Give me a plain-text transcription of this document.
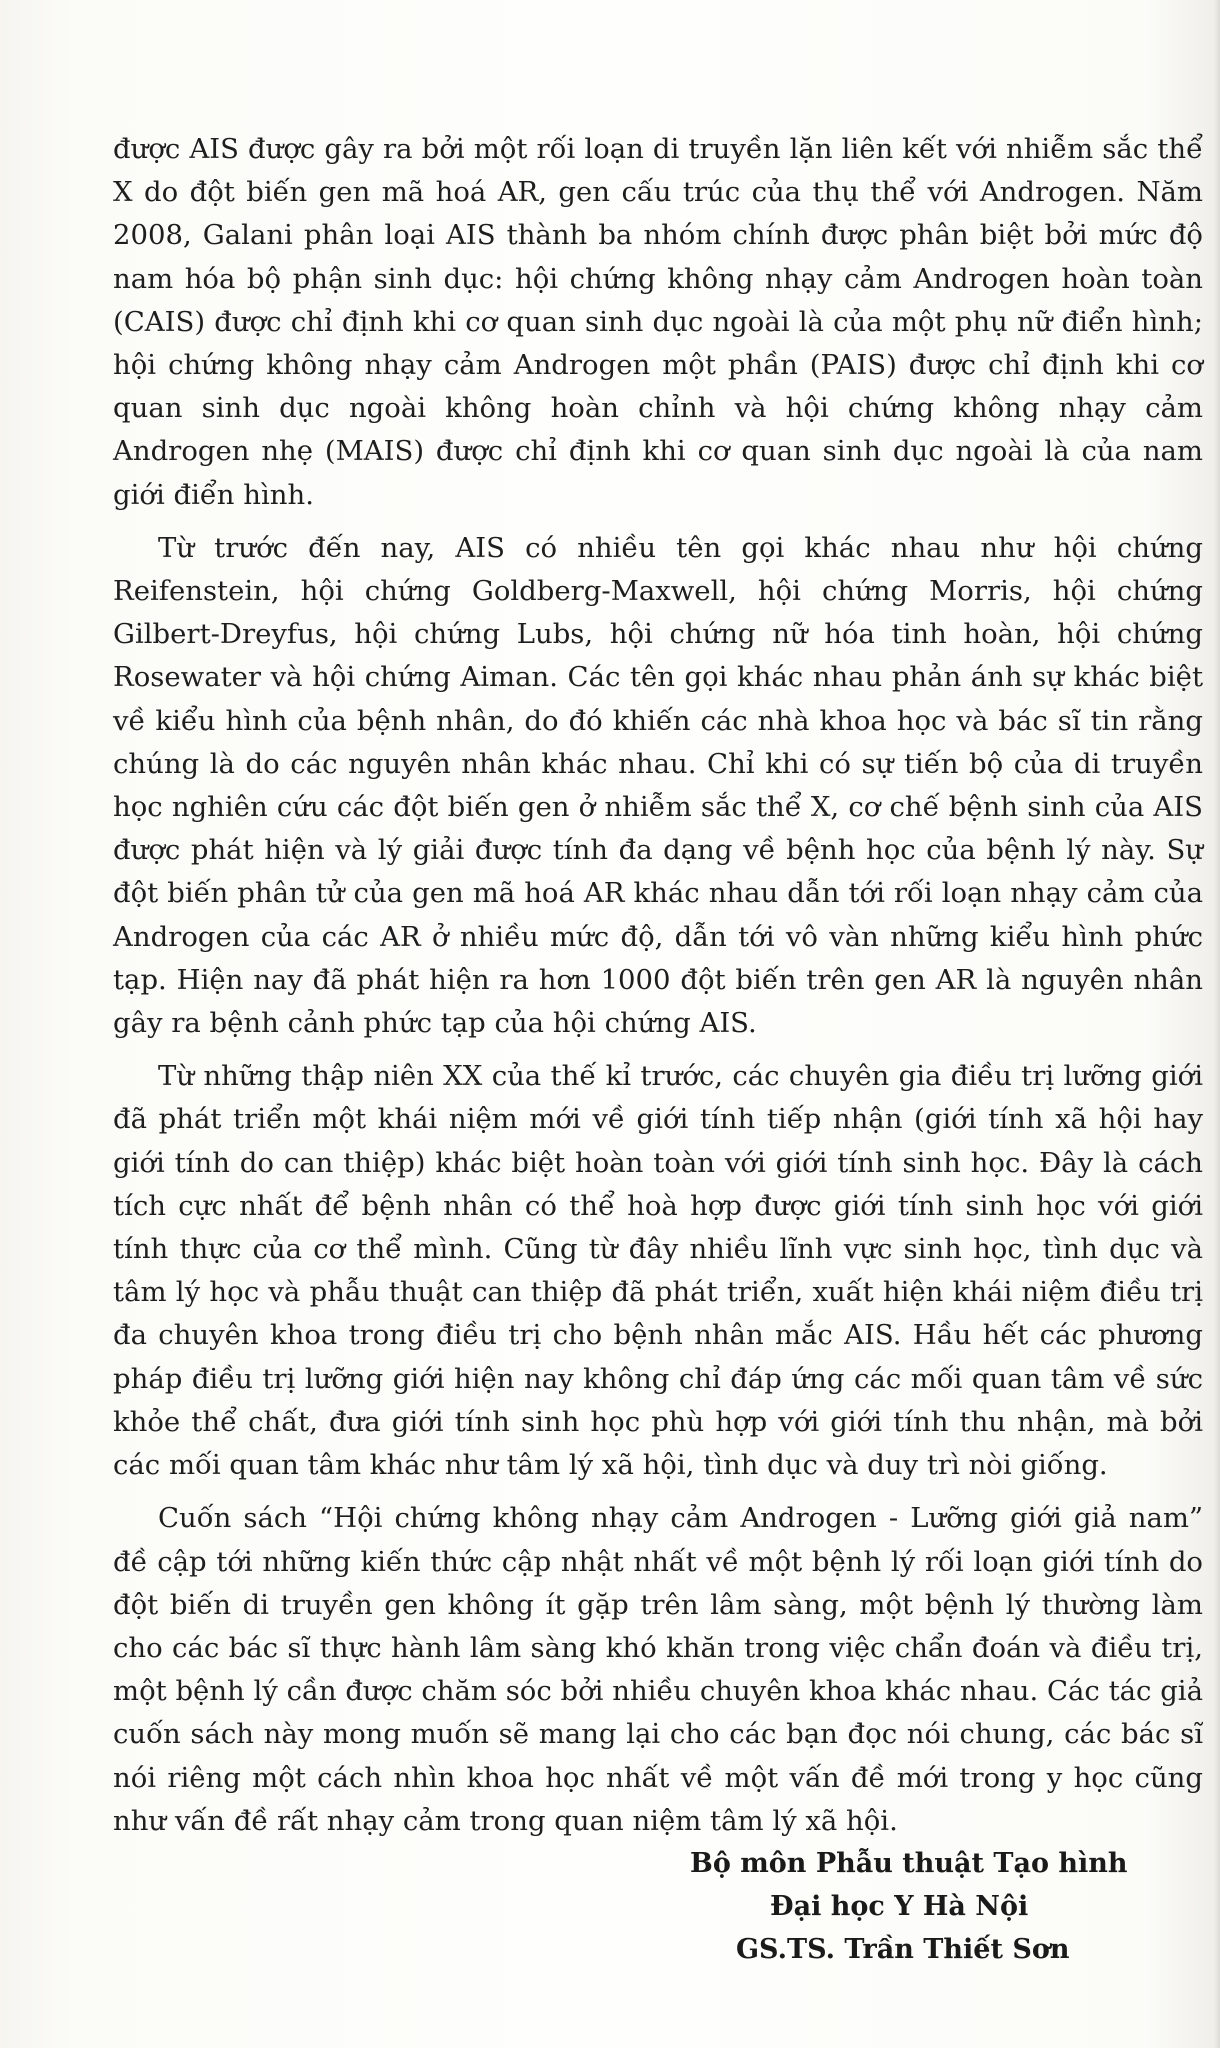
được AIS được gây ra bởi một rối loạn di truyền lặn liên kết với nhiễm sắc thể X do đột biến gen mã hoá AR, gen cấu trúc của thụ thể với Androgen. Năm 2008, Galani phân loại AIS thành ba nhóm chính được phân biệt bởi mức độ nam hóa bộ phận sinh dục: hội chứng không nhạy cảm Androgen hoàn toàn (CAIS) được chỉ định khi cơ quan sinh dục ngoài là của một phụ nữ điển hình; hội chứng không nhạy cảm Androgen một phần (PAIS) được chỉ định khi cơ quan sinh dục ngoài không hoàn chỉnh và hội chứng không nhạy cảm Androgen nhẹ (MAIS) được chỉ định khi cơ quan sinh dục ngoài là của nam giới điển hình.

Từ trước đến nay, AIS có nhiều tên gọi khác nhau như hội chứng Reifenstein, hội chứng Goldberg-Maxwell, hội chứng Morris, hội chứng Gilbert-Dreyfus, hội chứng Lubs, hội chứng nữ hóa tinh hoàn, hội chứng Rosewater và hội chứng Aiman. Các tên gọi khác nhau phản ánh sự khác biệt về kiểu hình của bệnh nhân, do đó khiến các nhà khoa học và bác sĩ tin rằng chúng là do các nguyên nhân khác nhau. Chỉ khi có sự tiến bộ của di truyền học nghiên cứu các đột biến gen ở nhiễm sắc thể X, cơ chế bệnh sinh của AIS được phát hiện và lý giải được tính đa dạng về bệnh học của bệnh lý này. Sự đột biến phân tử của gen mã hoá AR khác nhau dẫn tới rối loạn nhạy cảm của Androgen của các AR ở nhiều mức độ, dẫn tới vô vàn những kiểu hình phức tạp. Hiện nay đã phát hiện ra hơn 1000 đột biến trên gen AR là nguyên nhân gây ra bệnh cảnh phức tạp của hội chứng AIS.

Từ những thập niên XX của thế kỉ trước, các chuyên gia điều trị lưỡng giới đã phát triển một khái niệm mới về giới tính tiếp nhận (giới tính xã hội hay giới tính do can thiệp) khác biệt hoàn toàn với giới tính sinh học. Đây là cách tích cực nhất để bệnh nhân có thể hoà hợp được giới tính sinh học với giới tính thực của cơ thể mình. Cũng từ đây nhiều lĩnh vực sinh học, tình dục và tâm lý học và phẫu thuật can thiệp đã phát triển, xuất hiện khái niệm điều trị đa chuyên khoa trong điều trị cho bệnh nhân mắc AIS. Hầu hết các phương pháp điều trị lưỡng giới hiện nay không chỉ đáp ứng các mối quan tâm về sức khỏe thể chất, đưa giới tính sinh học phù hợp với giới tính thu nhận, mà bởi các mối quan tâm khác như tâm lý xã hội, tình dục và duy trì nòi giống.

Cuốn sách “Hội chứng không nhạy cảm Androgen - Lưỡng giới giả nam” đề cập tới những kiến thức cập nhật nhất về một bệnh lý rối loạn giới tính do đột biến di truyền gen không ít gặp trên lâm sàng, một bệnh lý thường làm cho các bác sĩ thực hành lâm sàng khó khăn trong việc chẩn đoán và điều trị, một bệnh lý cần được chăm sóc bởi nhiều chuyên khoa khác nhau. Các tác giả cuốn sách này mong muốn sẽ mang lại cho các bạn đọc nói chung, các bác sĩ nói riêng một cách nhìn khoa học nhất về một vấn đề mới trong y học cũng như vấn đề rất nhạy cảm trong quan niệm tâm lý xã hội.

Bộ môn Phẫu thuật Tạo hình
Đại học Y Hà Nội
GS.TS. Trần Thiết Sơn
